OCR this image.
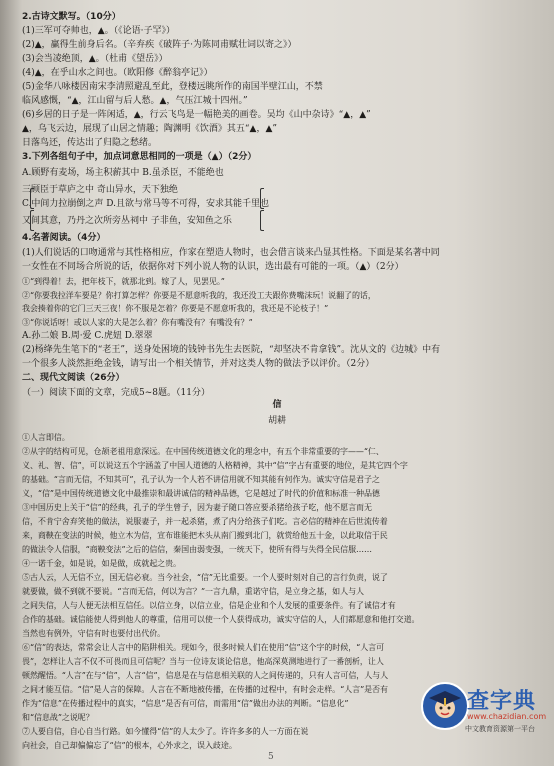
2.古诗文默写。（10分）
(1)三军可夺帅也，▲。（《论语·子罕》）
(2)▲，赢得生前身后名。（辛弃疾《破阵子·为陈同甫赋壮词以寄之》）
(3)会当凌绝顶，▲。（杜甫《望岳》）
(4)▲，在乎山水之间也。（欧阳修《醉翁亭记》）
(5)金华八咏楼因南宋李清照避乱至此，登楼远眺所作的南国半壁江山，不禁
临风感慨，“▲，江山留与后人愁。▲，气压江城十四州。”
(6)乡居的日子是一阵闲适，▲，行云飞鸟是一幅艳美的画卷。吴均《山中杂诗》“▲，▲”
▲，乌飞云边，展现了山居之情趣；陶渊明《饮酒》其五“▲，▲”
日落鸟还，传达出了归隐之愁绪。
3.下列各组句子中，加点词意思相同的一项是（▲）（2分）
A.顾野有麦场，场主积薪其中 B.虽杀臣，不能绝也
三顾臣于草庐之中 奇山异水，天下独绝
C.中间力拉崩倒之声 D.且欲与常马等不可得，安求其能千里也
又间其意，乃丹之次所旁丛祠中 子非鱼，安知鱼之乐
4.名著阅读。（4分）
(1)人们说话的口吻通常与其性格相应，作家在塑造人物时，也会借言谈来凸显其性格。下面是某名著中同
一女性在不同场合所说的话，依据你对下列小说人物的认识，选出最有可能的一项。（▲）（2分）
①“到得着！去，把年枝下，就那北到。嫁了人，见罢见。”
②“你要我拉洋车要是？你打算怎样？你要是不愿意听我的，我还没工夫跟你费嘴沫玩！说翻了的话，
我会揍着你的它门三天三夜！你不服是怎着？你要是不愿意听我的，我还是不论枝子！”
③“你说话呀！或以人家的大是怎么着？你有嘴没有？有嘴没有？”
A.孙二娘 B.周·爱 C.虎妞 D.翠翠
(2)杨绛先生笔下的“老王”，送身处困境的钱钟书先生去医院，“却坚决不肯拿钱”。沈从文的《边城》中有
一个很多人淡然拒绝金钱，请写出一个相关情节，并对这类人物的做法予以评价。（2分）
二、现代文阅读（26分）
（一）阅读下面的文章，完成5~8题。（11分）
信
胡耕
①人言即信。
②从字的结构可见，仓颉老祖用意深远。在中国传统道德文化的理念中，有五个非常重要的字——“仁、
义、礼、智、信”，可以说这五个字涵盖了中国人道德的人格精神，其中“信”字占有重要的地位，是其它四个字
的基础。“言而无信，不知其可”，孔子认为一个人若不讲信用就不知其能有何作为。诚实守信是君子之
义，“信”是中国传统道德文化中最推崇和最讲诚信的精神品德，它是越过了时代的价值和标准一种品德
③中国历史上关于“信”的经典，孔子的学生曾子，因为妻子随口答应要杀猪给孩子吃，他不愿言而无
信，不肯宁舍弃笑他的做法，说服妻子，并一起杀猪，煮了内分给孩子们吃。言必信的精神在后世流传着
来，商鞅在变法的时候，他立木为信，宣布谁能把木头从南门搬到北门，就赏给他五十金，以此取信于民
的做法令人信服，“商鞅变法”之后的信信，秦国由弱变强，一统天下，使所有得与失得全民信服……
④一诺千金，如是说，如是做，成就起之贵。
⑤古人云，人无信不立，国无信必衰。当今社会，“信”无比重要。一个人要时刻对自己的言行负责，说了
就要做，做不到就不要说。“言而无信，何以为言？”一言九鼎，重诺守信，是立身之基，如人与人
之间失信，人与人便无法相互信任。以信立身，以信立业，信是企业和个人发展的重要条件。有了诚信才有
合作的基础。诚信能使人得到他人的尊重，信用可以使一个人获得成功，诚实守信的人，人们都愿意和他打交道。
当然也有例外，守信有时也要付出代价。
⑥“信”的表达，常常会让人言中的陷阱相关。现如今，很多时候人们在使用“信”这个字的时候，“人言可
畏”，怎样让人言不仅不可畏而且可信呢？当与一位诗友谈论信息，他高深莫测地进行了一番剖析，让人
顿然醒悟。“人言”在与“信”，人言“信”，信息是在与信息相关联的人之间传递的，只有人言可信，人与人
之间才能互信。“信”是人言的保障。人言在不断地被传播，在传播的过程中，有时会走样。“人言”是否有
作为“信息”在传播过程中的真实，“信息”是否有可信，而需用“信”做出办法的判断。“信息化”
和“信息战”之说呢？
⑦人要自信，自心自当行路。如今懂得“信”的人太少了。许许多多的人一方面在说
向社会，自己却偏偏忘了“信”的根本，心外求之，误入歧途。
查字典
www.chazidian.com
中文教育资源第一平台
5
